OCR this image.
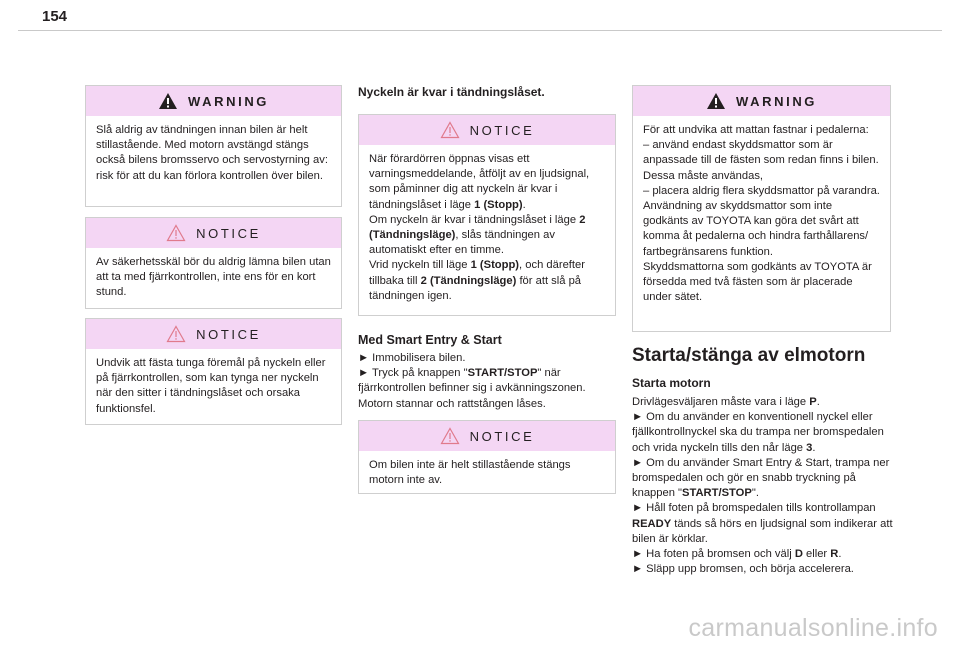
154
WARNING
Slå aldrig av tändningen innan bilen är helt stillastående. Med motorn avstängd stängs också bilens bromsservo och servostyrning av: risk för att du kan förlora kontrollen över bilen.
NOTICE
Av säkerhetsskäl bör du aldrig lämna bilen utan att ta med fjärrkontrollen, inte ens för en kort stund.
NOTICE
Undvik att fästa tunga föremål på nyckeln eller på fjärrkontrollen, som kan tynga ner nyckeln när den sitter i tändningslåset och orsaka funktionsfel.
Nyckeln är kvar i tändningslåset.
NOTICE
När förardörren öppnas visas ett varningsmeddelande, åtföljt av en ljudsignal, som påminner dig att nyckeln är kvar i tändningslåset i läge 1 (Stopp).
Om nyckeln är kvar i tändningslåset i läge 2 (Tändningsläge), slås tändningen av automatiskt efter en timme.
Vrid nyckeln till läge 1 (Stopp), och därefter tillbaka till 2 (Tändningsläge) för att slå på tändningen igen.
Med Smart Entry & Start
► Immobilisera bilen.
► Tryck på knappen "START/STOP" när fjärrkontrollen befinner sig i avkänningszonen.
Motorn stannar och rattstången låses.
NOTICE
Om bilen inte är helt stillastående stängs motorn inte av.
WARNING
För att undvika att mattan fastnar i pedalerna:
– använd endast skyddsmattor som är anpassade till de fästen som redan finns i bilen. Dessa måste användas,
– placera aldrig flera skyddsmattor på varandra.
Användning av skyddsmattor som inte godkänts av TOYOTA kan göra det svårt att komma åt pedalerna och hindra farthållarens/ fartbegränsarens funktion.
Skyddsmattorna som godkänts av TOYOTA är försedda med två fästen som är placerade under sätet.
Starta/stänga av elmotorn
Starta motorn
Drivlägesväljaren måste vara i läge P.
► Om du använder en konventionell nyckel eller fjällkontrollnyckel ska du trampa ner bromspedalen och vrida nyckeln tills den når läge 3.
► Om du använder Smart Entry & Start, trampa ner bromspedalen och gör en snabb tryckning på knappen "START/STOP".
► Håll foten på bromspedalen tills kontrollampan READY tänds så hörs en ljudsignal som indikerar att bilen är körklar.
► Ha foten på bromsen och välj D eller R.
► Släpp upp bromsen, och börja accelerera.
carmanualsonline.info
